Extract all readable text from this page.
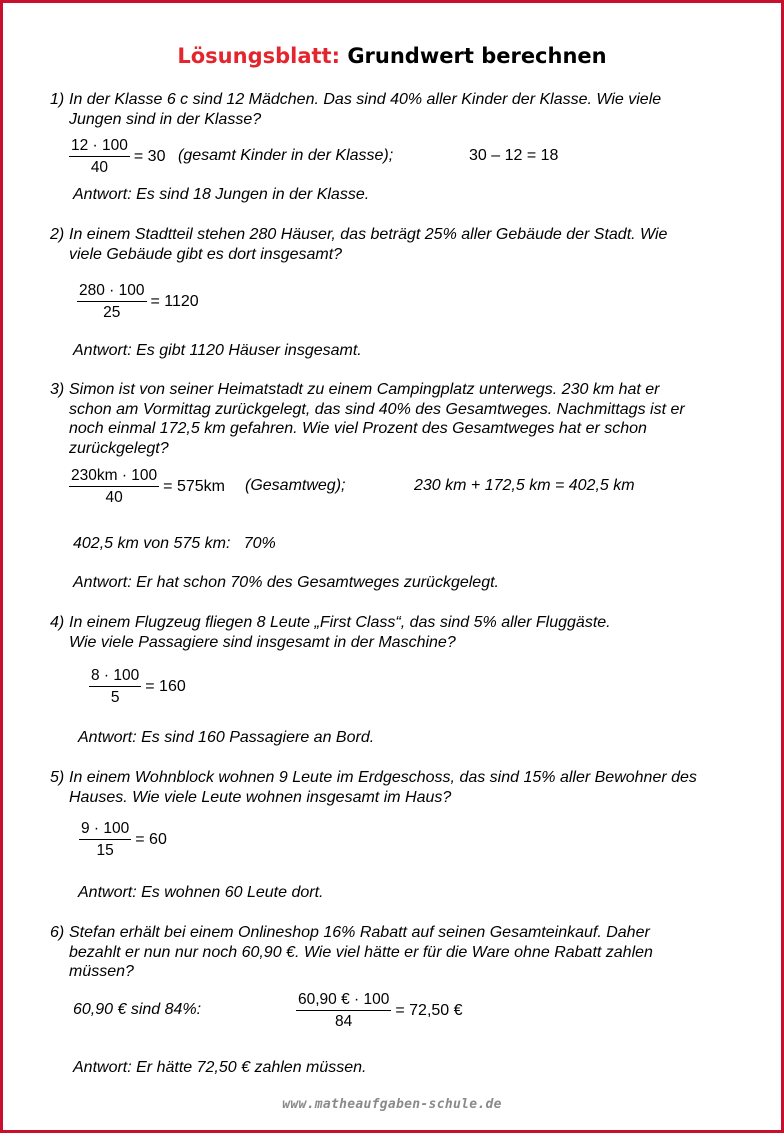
Lösungsblatt: Grundwert berechnen
1) In der Klasse 6 c sind 12 Mädchen. Das sind 40% aller Kinder der Klasse. Wie viele
Jungen sind in der Klasse?
$\frac{12 \cdot 100}{40} = 30$ (gesamt Kinder in der Klasse);	30 – 12 = 18
Antwort: Es sind 18 Jungen in der Klasse.
2) In einem Stadtteil stehen 280 Häuser, das beträgt 25% aller Gebäude der Stadt. Wie
viele Gebäude gibt es dort insgesamt?
$\frac{280 \cdot 100}{25} = 1120$
Antwort: Es gibt 1120 Häuser insgesamt.
3) Simon ist von seiner Heimatstadt zu einem Campingplatz unterwegs. 230 km hat er
schon am Vormittag zurückgelegt, das sind 40% des Gesamtweges. Nachmittags ist er
noch einmal 172,5 km gefahren. Wie viel Prozent des Gesamtweges hat er schon
zurückgelegt?
$\frac{230km \cdot 100}{40} = 575km$ (Gesamtweg);	230 km + 172,5 km = 402,5 km
402,5 km von 575 km:   70%
Antwort: Er hat schon 70% des Gesamtweges zurückgelegt.
4) In einem Flugzeug fliegen 8 Leute „First Class“, das sind 5% aller Fluggäste.
Wie viele Passagiere sind insgesamt in der Maschine?
$\frac{8 \cdot 100}{5} = 160$
Antwort: Es sind 160 Passagiere an Bord.
5) In einem Wohnblock wohnen 9 Leute im Erdgeschoss, das sind 15% aller Bewohner des
Hauses. Wie viele Leute wohnen insgesamt im Haus?
$\frac{9 \cdot 100}{15} = 60$
Antwort: Es wohnen 60 Leute dort.
6) Stefan erhält bei einem Onlineshop 16% Rabatt auf seinen Gesamteinkauf. Daher
bezahlt er nun nur noch 60,90 €. Wie viel hätte er für die Ware ohne Rabatt zahlen
müssen?
60,90 € sind 84%:	$\frac{60,90 € \cdot 100}{84} = 72,50$ €
Antwort: Er hätte 72,50 € zahlen müssen.
www.matheaufgaben-schule.de
